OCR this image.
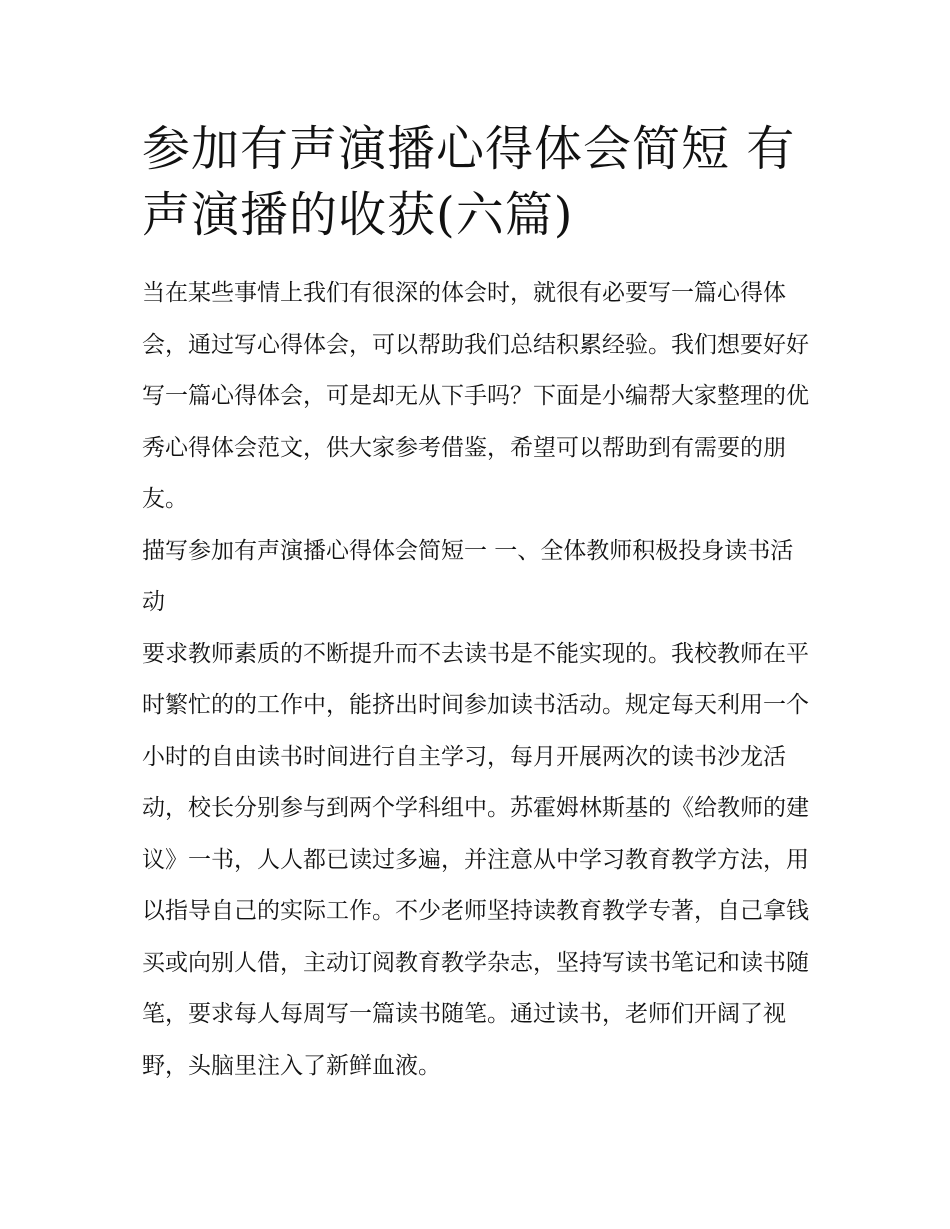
参加有声演播心得体会简短 有声演播的收获(六篇)

当在某些事情上我们有很深的体会时，就很有必要写一篇心得体会，通过写心得体会，可以帮助我们总结积累经验。我们想要好好写一篇心得体会，可是却无从下手吗？下面是小编帮大家整理的优秀心得体会范文，供大家参考借鉴，希望可以帮助到有需要的朋友。

描写参加有声演播心得体会简短一 一、全体教师积极投身读书活动

要求教师素质的不断提升而不去读书是不能实现的。我校教师在平时繁忙的的工作中，能挤出时间参加读书活动。规定每天利用一个小时的自由读书时间进行自主学习，每月开展两次的读书沙龙活动，校长分别参与到两个学科组中。苏霍姆林斯基的《给教师的建议》一书，人人都已读过多遍，并注意从中学习教育教学方法，用以指导自己的实际工作。不少老师坚持读教育教学专著，自己拿钱买或向别人借，主动订阅教育教学杂志，坚持写读书笔记和读书随笔，要求每人每周写一篇读书随笔。通过读书，老师们开阔了视野，头脑里注入了新鲜血液。
